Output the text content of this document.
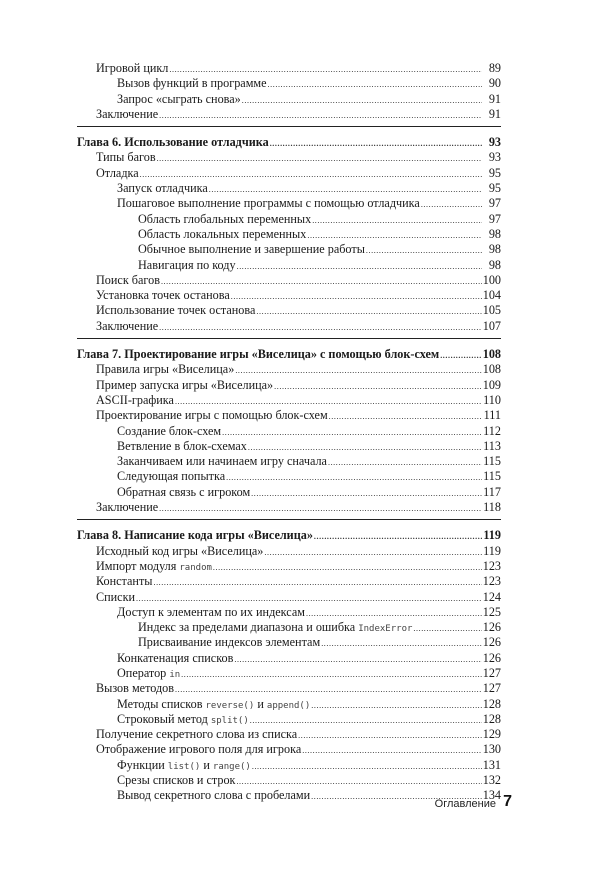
Игровой цикл .....	89
Вызов функций в программе .....	90
Запрос «сыграть снова» .....	91
Заключение .....	91
Глава 6. Использование отладчика .....	93
Типы багов .....	93
Отладка .....	95
Запуск отладчика .....	95
Пошаговое выполнение программы с помощью отладчика .....	97
Область глобальных переменных .....	97
Область локальных переменных .....	98
Обычное выполнение и завершение работы .....	98
Навигация по коду .....	98
Поиск багов .....	100
Установка точек останова .....	104
Использование точек останова .....	105
Заключение .....	107
Глава 7. Проектирование игры «Виселица» с помощью блок-схем .....	108
Правила игры «Виселица» .....	108
Пример запуска игры «Виселица» .....	109
ASCII-графика .....	110
Проектирование игры с помощью блок-схем .....	111
Создание блок-схем .....	112
Ветвление в блок-схемах .....	113
Заканчиваем или начинаем игру сначала .....	115
Следующая попытка .....	115
Обратная связь с игроком .....	117
Заключение .....	118
Глава 8. Написание кода игры «Виселица» .....	119
Исходный код игры «Виселица» .....	119
Импорт модуля random .....	123
Константы .....	123
Списки .....	124
Доступ к элементам по их индексам .....	125
Индекс за пределами диапазона и ошибка IndexError .....	126
Присваивание индексов элементам .....	126
Конкатенация списков .....	126
Оператор in .....	127
Вызов методов .....	127
Методы списков reverse() и append() .....	128
Строковый метод split() .....	128
Получение секретного слова из списка .....	129
Отображение игрового поля для игрока .....	130
Функции list() и range() .....	131
Срезы списков и строк .....	132
Вывод секретного слова с пробелами .....	134
Оглавление 7
